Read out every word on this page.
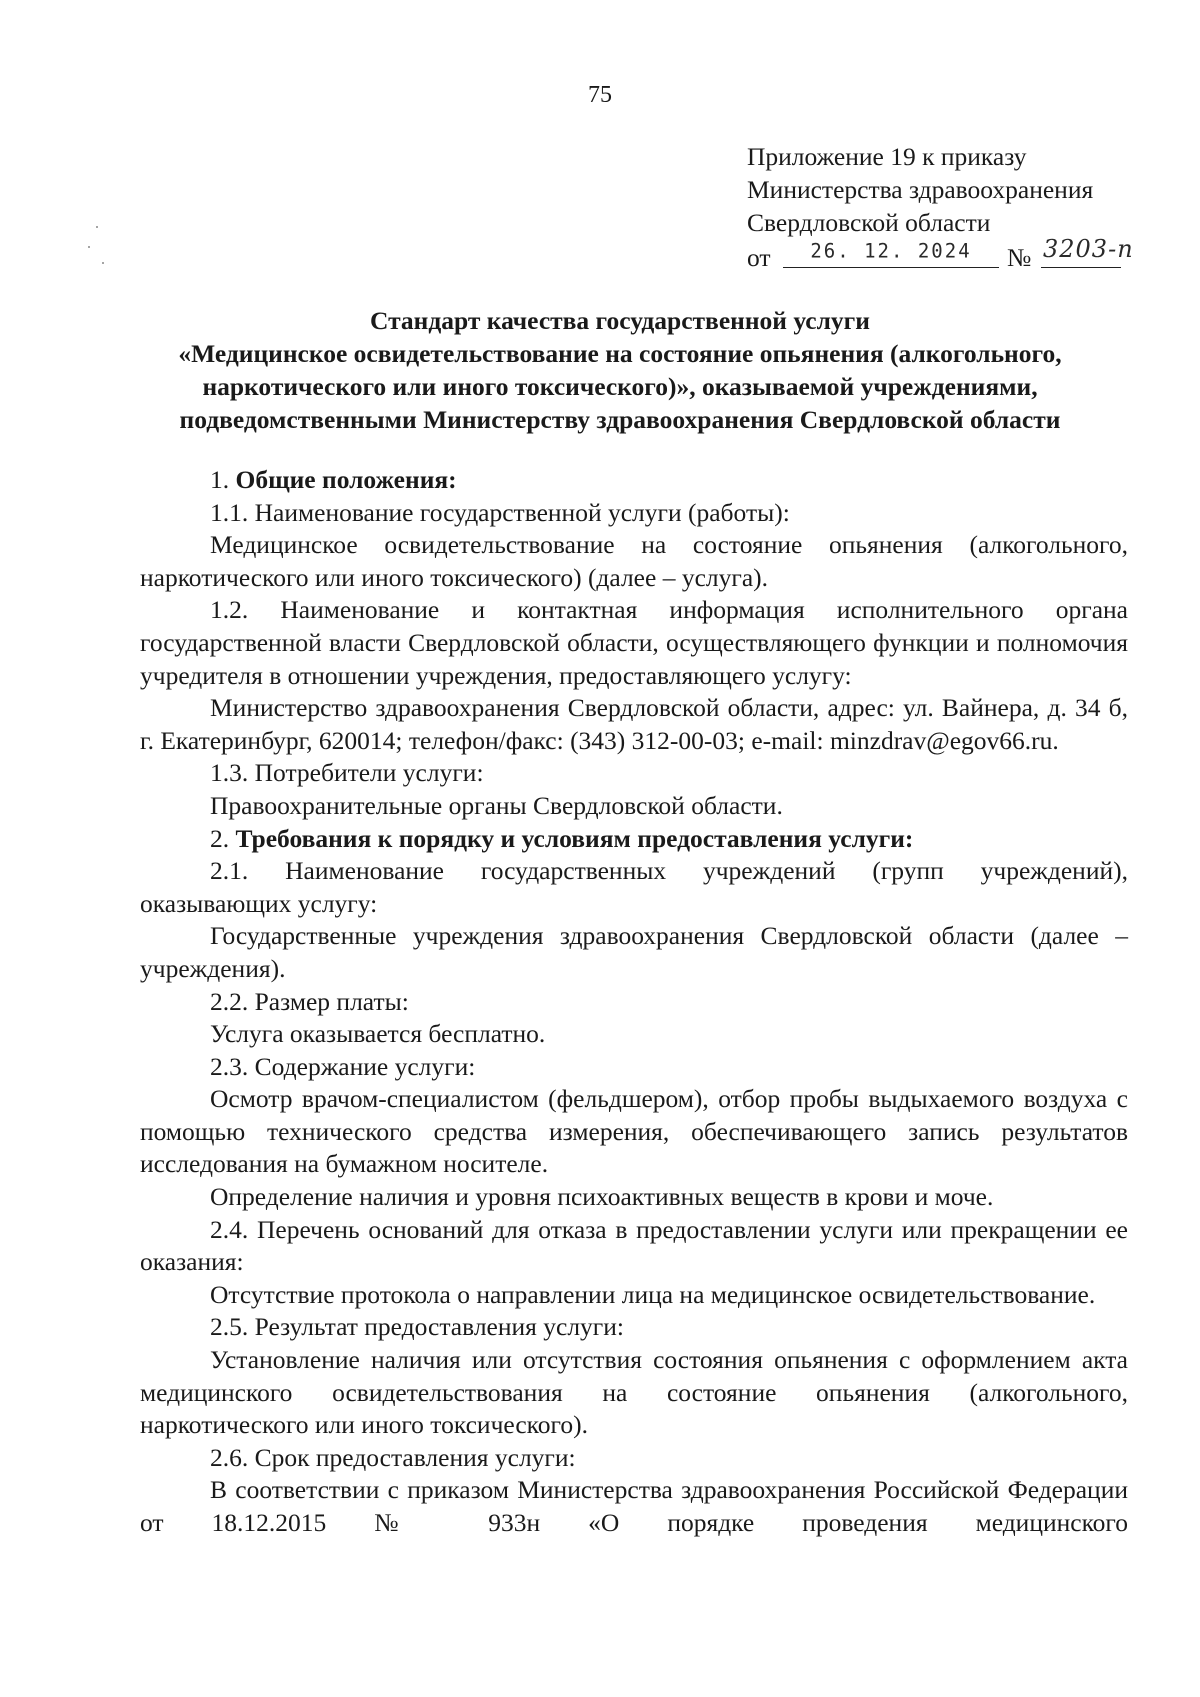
75
Приложение 19 к приказу
Министерства здравоохранения
Свердловской области
от	26. 12. 2024	№ 3203-п
Стандарт качества государственной услуги
«Медицинское освидетельствование на состояние опьянения (алкогольного,
наркотического или иного токсического)», оказываемой учреждениями,
подведомственными Министерству здравоохранения Свердловской области

1. Общие положения:

1.1. Наименование государственной услуги (работы):

Медицинское освидетельствование на состояние опьянения (алкогольного, наркотического или иного токсического) (далее – услуга).

1.2. Наименование и контактная информация исполнительного органа государственной власти Свердловской области, осуществляющего функции и полномочия учредителя в отношении учреждения, предоставляющего услугу:

Министерство здравоохранения Свердловской области, адрес: ул. Вайнера, д. 34 б, г. Екатеринбург, 620014; телефон/факс: (343) 312-00-03; e-mail: minzdrav@egov66.ru.

1.3. Потребители услуги:

Правоохранительные органы Свердловской области.

2. Требования к порядку и условиям предоставления услуги:

2.1. Наименование государственных учреждений (групп учреждений), оказывающих услугу:

Государственные учреждения здравоохранения Свердловской области (далее – учреждения).

2.2. Размер платы:

Услуга оказывается бесплатно.

2.3. Содержание услуги:

Осмотр врачом-специалистом (фельдшером), отбор пробы выдыхаемого воздуха с помощью технического средства измерения, обеспечивающего запись результатов исследования на бумажном носителе.

Определение наличия и уровня психоактивных веществ в крови и моче.

2.4. Перечень оснований для отказа в предоставлении услуги или прекращении ее оказания:

Отсутствие протокола о направлении лица на медицинское освидетельствование.

2.5. Результат предоставления услуги:

Установление наличия или отсутствия состояния опьянения с оформлением акта медицинского освидетельствования на состояние опьянения (алкогольного, наркотического или иного токсического).

2.6. Срок предоставления услуги:

В соответствии с приказом Министерства здравоохранения Российской Федерации от 18.12.2015 № 933н «О порядке проведения медицинского
